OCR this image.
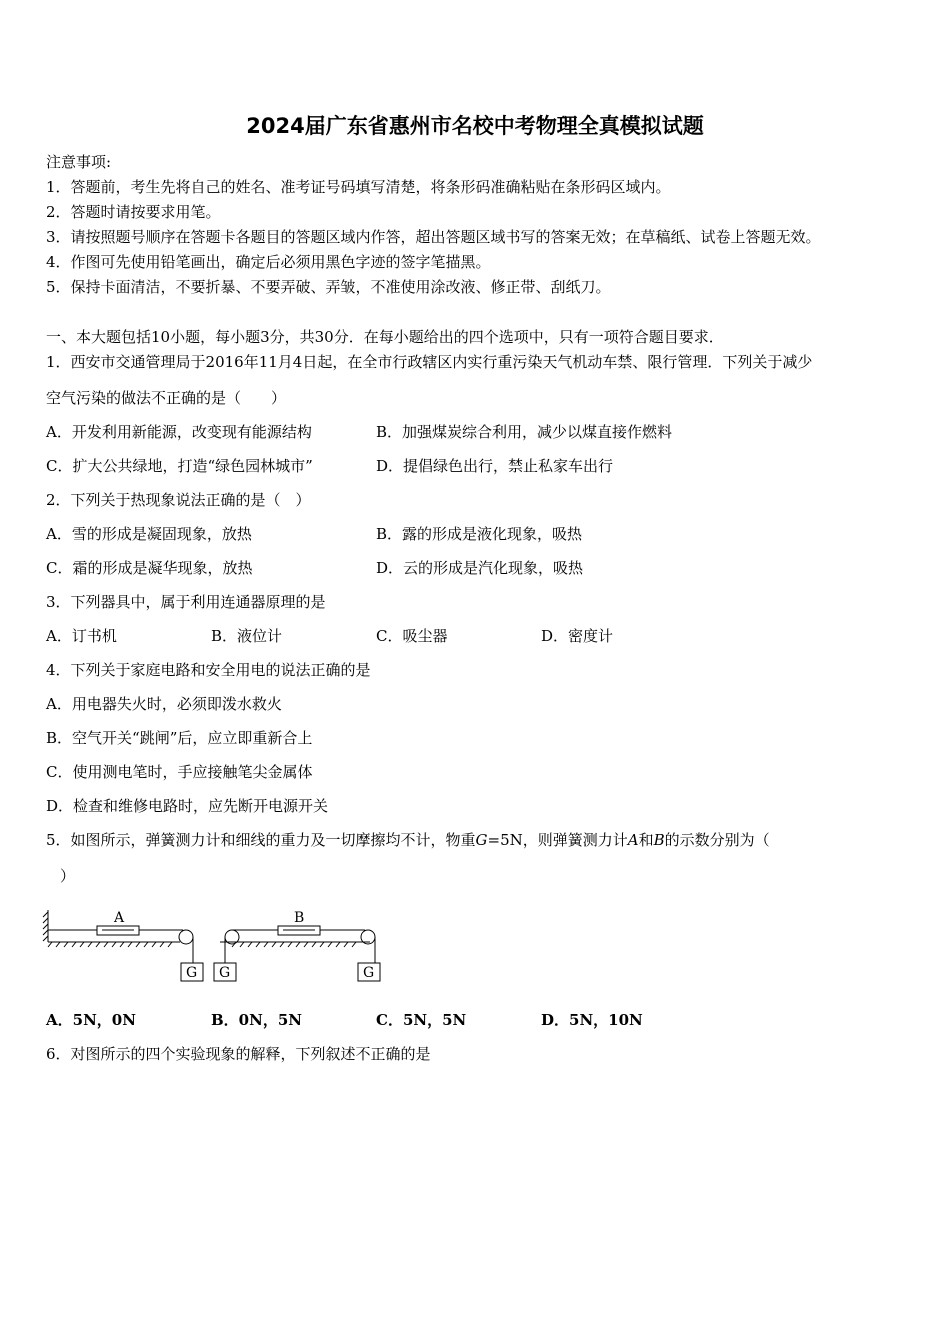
2024届广东省惠州市名校中考物理全真模拟试题
注意事项:
1．答题前，考生先将自己的姓名、准考证号码填写清楚，将条形码准确粘贴在条形码区域内。
2．答题时请按要求用笔。
3．请按照题号顺序在答题卡各题目的答题区域内作答，超出答题区域书写的答案无效；在草稿纸、试卷上答题无效。
4．作图可先使用铅笔画出，确定后必须用黑色字迹的签字笔描黑。
5．保持卡面清洁，不要折暴、不要弄破、弄皱，不准使用涂改液、修正带、刮纸刀。
一、本大题包括10小题，每小题3分，共30分．在每小题给出的四个选项中，只有一项符合题目要求．
1．西安市交通管理局于2016年11月4日起，在全市行政辖区内实行重污染天气机动车禁、限行管理．下列关于减少
空气污染的做法不正确的是（　　）
A．开发利用新能源，改变现有能源结构	B．加强煤炭综合利用，减少以煤直接作燃料
C．扩大公共绿地，打造“绿色园林城市”	D．提倡绿色出行，禁止私家车出行
2．下列关于热现象说法正确的是（　）
A．雪的形成是凝固现象，放热	B．露的形成是液化现象，吸热
C．霜的形成是凝华现象，放热	D．云的形成是汽化现象，吸热
3．下列器具中，属于利用连通器原理的是
A．订书机	B．液位计	C．吸尘器	D．密度计
4．下列关于家庭电路和安全用电的说法正确的是
A．用电器失火时，必须即泼水救火
B．空气开关“跳闸”后，应立即重新合上
C．使用测电笔时，手应接触笔尖金属体
D．检查和维修电路时，应先断开电源开关
5．如图所示，弹簧测力计和细线的重力及一切摩擦均不计，物重G=5N，则弹簧测力计A和B的示数分别为（
）
A	B
G G	G
A．5N，0N	B．0N，5N	C．5N，5N	D．5N，10N
6．对图所示的四个实验现象的解释，下列叙述不正确的是
